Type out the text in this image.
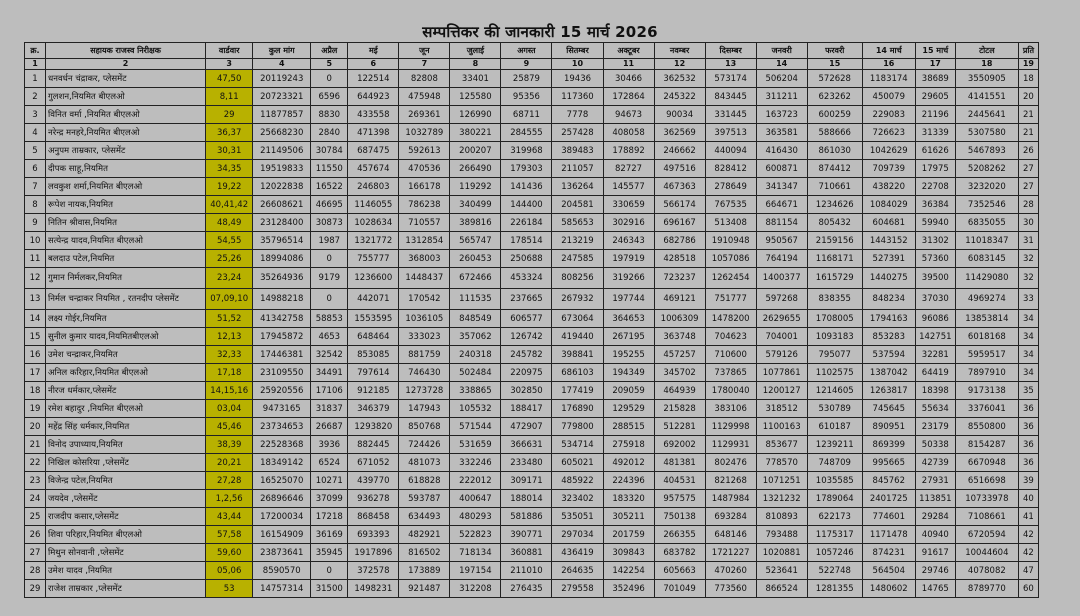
सम्पत्तिकर की जानकारी 15 मार्च 2026
क्र.	सहायक राजस्व निरीक्षक	वार्डवार	कुल मांग	अप्रैल	मई	जून	जुलाई	अगस्त	सितम्बर	अक्टूबर	नवम्बर	दिसम्बर	जनवरी	फरवरी	14 मार्च	15 मार्च	टोटल	प्रति
1	2	3	4	5	6	7	8	9	10	11	12	13	14	15	16	17	18	19
1	धनवर्धन चंद्राकर, प्लेसमेंट	47,50	20119243	0	122514	82808	33401	25879	19436	30466	362532	573174	506204	572628	1183174	38689	3550905	18
2	गुलशन,नियमित बीएलओ	8,11	20723321	6596	644923	475948	125580	95356	117360	172864	245322	843445	311211	623262	450079	29605	4141551	20
3	विनित वर्मा ,नियमित बीएलओ	29	11877857	8830	433558	269361	126990	68711	7778	94673	90034	331445	163723	600259	229083	21196	2445641	21
4	नरेन्द्र मनहरे,नियमित बीएलओ	36,37	25668230	2840	471398	1032789	380221	284555	257428	408058	362569	397513	363581	588666	726623	31339	5307580	21
5	अनुपम ताम्रकार, प्लेसमेंट	30,31	21149506	30784	687475	592613	200207	319968	389483	178892	246662	440094	416430	861030	1042629	61626	5467893	26
6	दीपक साहू,नियमित	34,35	19519833	11550	457674	470536	266490	179303	211057	82727	497516	828412	600871	874412	709739	17975	5208262	27
7	लवकुश शर्मा,नियमित बीएलओ	19,22	12022838	16522	246803	166178	119292	141436	136264	145577	467363	278649	341347	710661	438220	22708	3232020	27
8	रूपेश नायक,नियमित	40,41,42	26608621	46695	1146055	786238	340499	144400	204581	330659	566174	767535	664671	1234626	1084029	36384	7352546	28
9	नितिन श्रीवास,नियमित	48,49	23128400	30873	1028634	710557	389816	226184	585653	302916	696167	513408	881154	805432	604681	59940	6835055	30
10	सत्येन्द्र यादव,नियमित बीएलओ	54,55	35796514	1987	1321772	1312854	565747	178514	213219	246343	682786	1910948	950567	2159156	1443152	31302	11018347	31
11	बलदाउ पटेल,नियमित	25,26	18994086	0	755777	368003	260453	250688	247585	197919	428518	1057086	764194	1168171	527391	57360	6083145	32
12	गुमान निर्मलकर,नियमित	23,24	35264936	9179	1236600	1448437	672466	453324	808256	319266	723237	1262454	1400377	1615729	1440275	39500	11429080	32
13	निर्मल चन्द्राकर नियमित , रतनदीप प्लेसमेंट	07,09,10	14988218	0	442071	170542	111535	237665	267932	197744	469121	751777	597268	838355	848234	37030	4969274	33
14	लक्ष्य गोईर,नियमित	51,52	41342758	58853	1553595	1036105	848549	606577	673064	364653	1006309	1478200	2629655	1708005	1794163	96086	13853814	34
15	सुनील कुमार यादव,नियमितबीएलओ	12,13	17945872	4653	648464	333023	357062	126742	419440	267195	363748	704623	704001	1093183	853283	142751	6018168	34
16	उमेश चन्द्राकर,नियमित	32,33	17446381	32542	853085	881759	240318	245782	398841	195255	457257	710600	579126	795077	537594	32281	5959517	34
17	अनिल करिहार,नियमित बीएलओ	17,18	23109550	34491	797614	746430	502484	220975	686103	194349	345702	737865	1077861	1102575	1387042	64419	7897910	34
18	नीरज धर्मकार,प्लेसमेंट	14,15,16	25920556	17106	912185	1273728	338865	302850	177419	209059	464939	1780040	1200127	1214605	1263817	18398	9173138	35
19	रमेश बहादुर ,नियमित बीएलओ	03,04	9473165	31837	346379	147943	105532	188417	176890	129529	215828	383106	318512	530789	745645	55634	3376041	36
20	महेंद्र सिंह धर्मकार,नियमित	45,46	23734653	26687	1293820	850768	571544	472907	779800	288515	512281	1129998	1100163	610187	890951	23179	8550800	36
21	विनोद उपाध्याय,नियमित	38,39	22528368	3936	882445	724426	531659	366631	534714	275918	692002	1129931	853677	1239211	869399	50338	8154287	36
22	निखिल कोसरिया ,प्लेसमेंट	20,21	18349142	6524	671052	481073	332246	233480	605021	492012	481381	802476	778570	748709	995665	42739	6670948	36
23	विजेन्द्र पटेल,नियमित	27,28	16525070	10271	439770	618828	222012	309171	485922	224396	404531	821268	1071251	1035585	845762	27931	6516698	39
24	जयदेव ,प्लेसमेंट	1,2,56	26896646	37099	936278	593787	400647	188014	323402	183320	957575	1487984	1321232	1789064	2401725	113851	10733978	40
25	राजदीप कसार,प्लेसमेंट	43,44	17200034	17218	868458	634493	480293	581886	535051	305211	750138	693284	810893	622173	774601	29284	7108661	41
26	शिवा परिहार,नियमित बीएलओ	57,58	16154909	36169	693393	482921	522823	390771	297034	201759	266355	648146	793488	1175317	1171478	40940	6720594	42
27	मिथुन सोनवानी ,प्लेसमेंट	59,60	23873641	35945	1917896	816502	718134	360881	436419	309843	683782	1721227	1020881	1057246	874231	91617	10044604	42
28	उमेश यादव ,नियमित	05,06	8590570	0	372578	173889	197154	211010	264635	142254	605663	470260	523641	522748	564504	29746	4078082	47
29	राजेश ताम्रकार ,प्लेसमेंट	53	14757314	31500	1498231	921487	312208	276435	279558	352496	701049	773560	866524	1281355	1480602	14765	8789770	60
